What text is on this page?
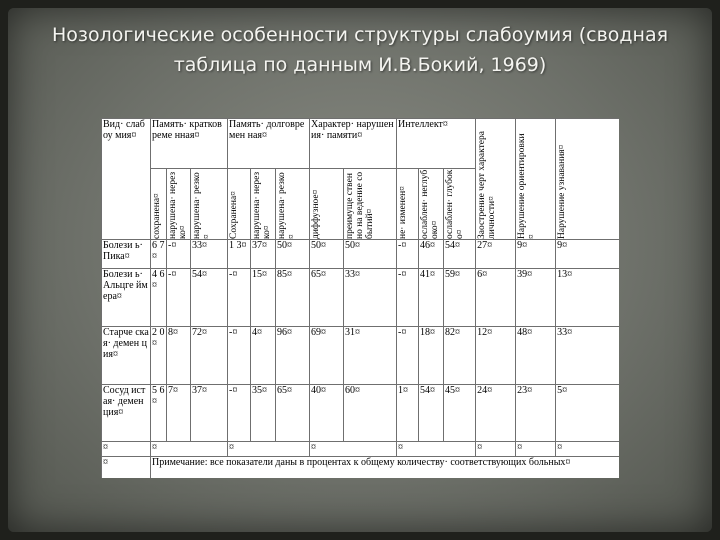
Нозологические особенности структуры слабоумия (сводная таблица по данным И.В.Бокий, 1969)
Вид· слабоу мия¤	Память· кратковреме нная¤			Память· долговремен ная¤			Характер· нарушения· памяти¤		Интеллект¤			Заострение черт характера личности¤	Нарушение ориентировки¤	Нарушение узнавания¤

	сохранена¤	нарушена· нерезко¤	нарушена· резко¤	Сохранена¤	нарушена· нерезко¤	нарушена· резко¤	диффузное¤	преимуще ственно на ведение событий¤	не· изменен¤	ослаблен· неглубоко¤	ослаблен· глубоко¤			

Болези ь·Пика¤	6 7¤	-¤	33¤	1 3¤	37¤	50¤	50¤	50¤	-¤	46¤	54¤	27¤	9¤	9¤
Болези ь· Альцге ймера¤	4 6¤	-¤	54¤	-¤	15¤	85¤	65¤	33¤	-¤	41¤	59¤	6¤	39¤	13¤
Старче ская· демен ция¤	2 0¤	8¤	72¤	-¤	4¤	96¤	69¤	31¤	-¤	18¤	82¤	12¤	48¤	33¤
Сосуд истая· демен ция¤	5 6¤	7¤	37¤	-¤	35¤	65¤	40¤	60¤	1¤	54¤	45¤	24¤	23¤	5¤
¤	¤			¤			¤		¤			¤	¤	¤
¤	Примечание: все показатели даны в процентах к общему количеству· соответствующих больных¤													
